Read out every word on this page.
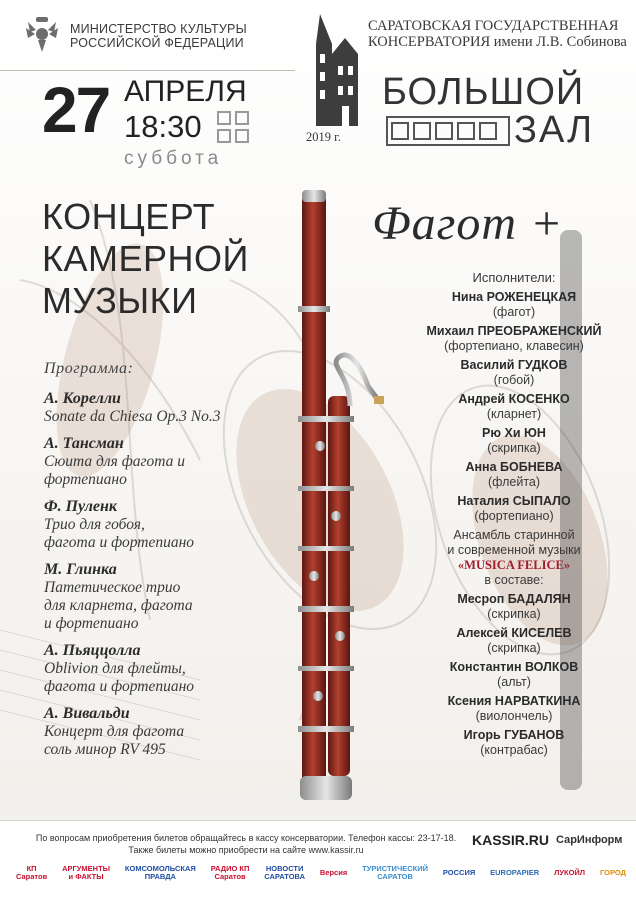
МИНИСТЕРСТВО КУЛЬТУРЫ
РОССИЙСКОЙ ФЕДЕРАЦИИ
27 АПРЕЛЯ
18:30
суббота
2019 г.
САРАТОВСКАЯ ГОСУДАРСТВЕННАЯ
КОНСЕРВАТОРИЯ имени Л.В. Собинова
БОЛЬШОЙ
ЗАЛ
КОНЦЕРТ
КАМЕРНОЙ
МУЗЫКИ
Фагот +
Программа:
А. Корелли
Sonate da Chiesa Op.3 No.3
А. Тансман
Сюита для фагота и
фортепиано
Ф. Пуленк
Трио для гобоя,
фагота и фортепиано
М. Глинка
Патетическое трио
для кларнета, фагота
и фортепиано
А. Пьяццолла
Oblivion для флейты,
фагота и фортепиано
А. Вивальди
Концерт для фагота
соль минор RV 495
Исполнители:
Нина РОЖЕНЕЦКАЯ
(фагот)
Михаил ПРЕОБРАЖЕНСКИЙ
(фортепиано, клавесин)
Василий ГУДКОВ
(гобой)
Андрей КОСЕНКО
(кларнет)
Рю Хи ЮН
(скрипка)
Анна БОБНЕВА
(флейта)
Наталия СЫПАЛО
(фортепиано)
Ансамбль старинной
и современной музыки
«MUSICA FELICE»
в составе:
Месроп БАДАЛЯН
(скрипка)
Алексей КИСЕЛЕВ
(скрипка)
Константин ВОЛКОВ
(альт)
Ксения НАРВАТКИНА
(виолончель)
Игорь ГУБАНОВ
(контрабас)
По вопросам приобретения билетов обращайтесь в кассу консерватории. Телефон кассы: 23-17-18.
Также билеты можно приобрести на сайте www.kassir.ru
KASSIR.RU СарИнформ
КП
Саратов
АРГУМЕНТЫ
и ФАКТЫ
КОМСОМОЛЬСКАЯ
ПРАВДА
РАДИО КП
Саратов
НОВОСТИ
САРАТОВА Версия ТУРИСТИЧЕСКИЙ
САРАТОВ	РОССИЯ EUROPAPIER ЛУКОЙЛ ГОРОД
